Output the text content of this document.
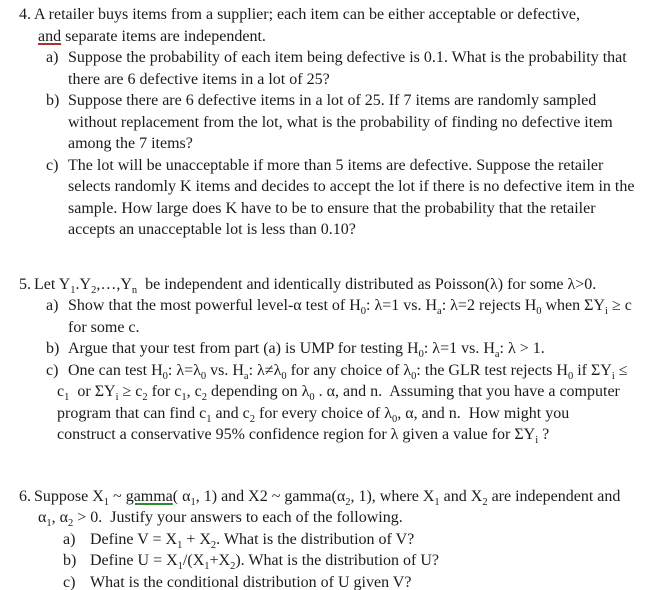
4. A retailer buys items from a supplier; each item can be either acceptable or defective,
and separate items are independent.
a) Suppose the probability of each item being defective is 0.1. What is the probability that
there are 6 defective items in a lot of 25?
b) Suppose there are 6 defective items in a lot of 25. If 7 items are randomly sampled
without replacement from the lot, what is the probability of finding no defective item
among the 7 items?
c) The lot will be unacceptable if more than 5 items are defective. Suppose the retailer
selects randomly K items and decides to accept the lot if there is no defective item in the
sample. How large does K have to be to ensure that the probability that the retailer
accepts an unacceptable lot is less than 0.10?
5. Let $Y_1.Y_2,\dots,Y_n$  be independent and identically distributed as Poisson(λ) for some λ>0.
a) Show that the most powerful level-α test of $H_0$: λ=1 vs. $H_a$: λ=2 rejects $H_0$ when $\Sigma Y_i \ge c$
for some c.
b) Argue that your test from part (a) is UMP for testing $H_0$: λ=1 vs. $H_a$: λ > 1.
c) One can test $H_0$: $\lambda=\lambda_0$ vs. $H_a$: $\lambda\ne\lambda_0$ for any choice of $\lambda_0$: the GLR test rejects $H_0$ if $\Sigma Y_i$ ≤
$c_1$  or $\Sigma Y_i \ge c_2$ for $c_1$, $c_2$ depending on $\lambda_0$ . α, and n.  Assuming that you have a computer
program that can find $c_1$ and $c_2$ for every choice of $\lambda_0$, α, and n.  How might you
construct a conservative 95% confidence region for λ given a value for $\Sigma Y_i$ ?
6. Suppose $X_1$ ~ gamma( $\alpha_1$, 1) and X2 ~ $gamma(\alpha_2$, 1), where $X_1$ and $X_2$ are independent and
$\alpha_1$, $\alpha_2 > 0$.  Justify your answers to each of the following.
a) Define $V = X_1 + X_2$. What is the distribution of V?
b) Define $U = X_1/(X_1+X_2)$. What is the distribution of U?
c) What is the conditional distribution of U given V?
